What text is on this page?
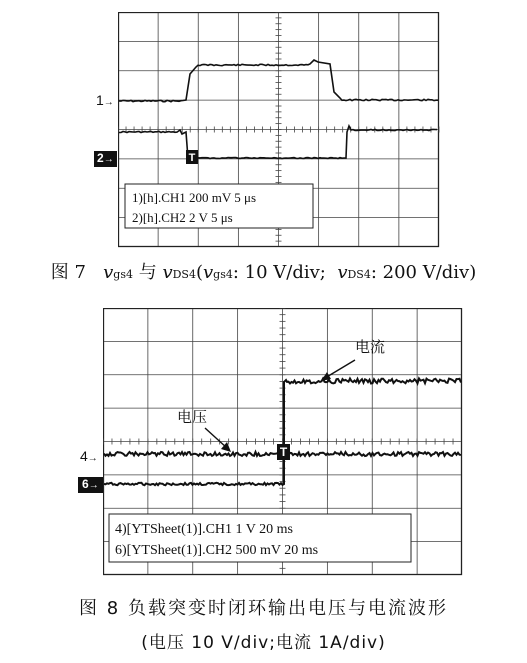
T
1)[h].CH1 200 mV 5 μs
2)[h].CH2 2 V 5 μs
1→
2→
图 7 vgs4 与 vDS4(vgs4: 10 V/div; vDS4: 200 V/div)
T
电流
电压
4)[YTSheet(1)].CH1 1 V 20 ms
6)[YTSheet(1)].CH2 500 mV 20 ms
4→
6→
图 8 负载突变时闭环输出电压与电流波形
(电压 10 V/div;电流 1A/div)
